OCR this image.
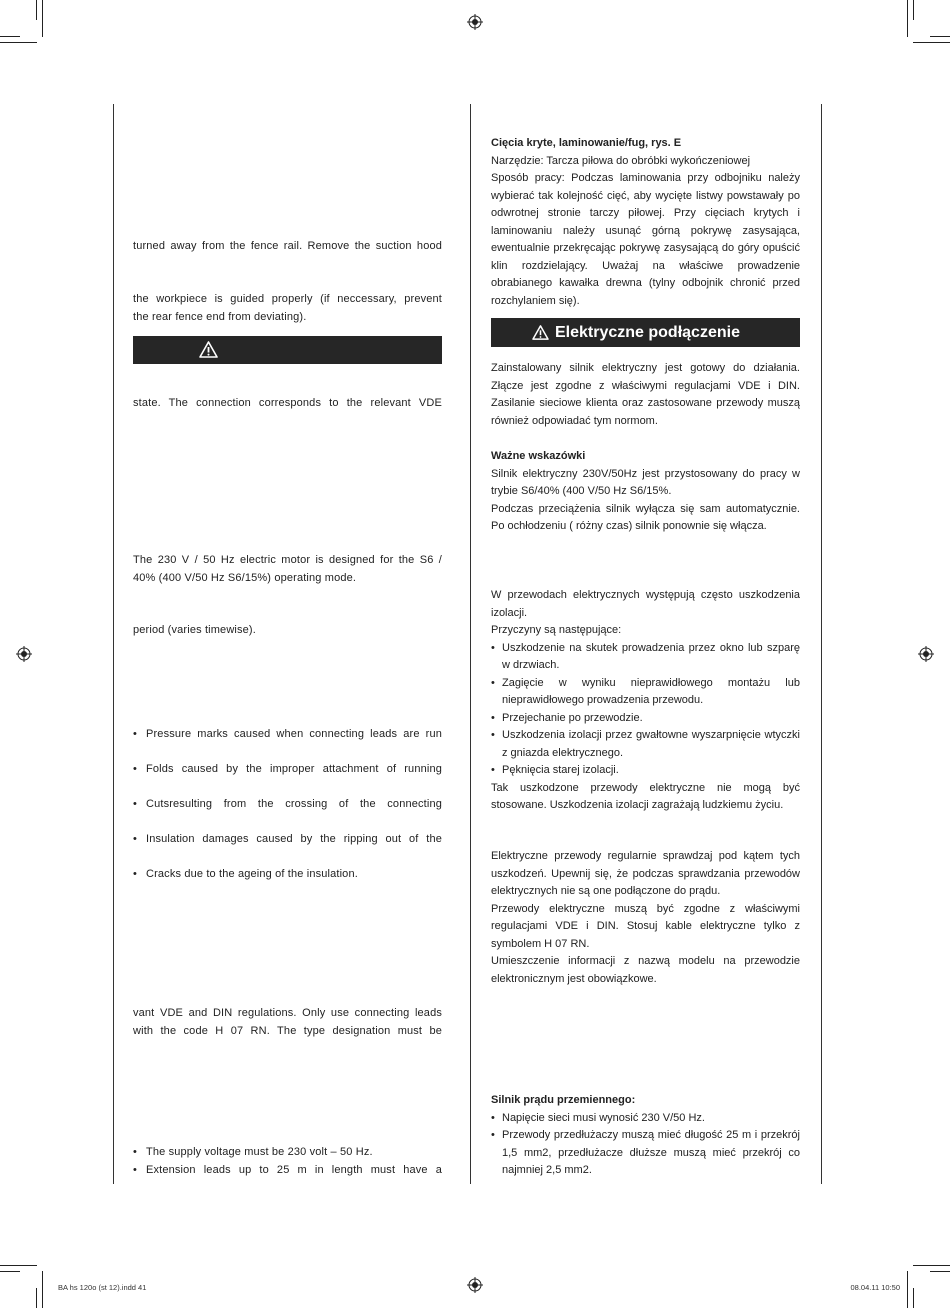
turned away from the fence rail. Remove the suction hood
the workpiece is guided properly (if neccessary, prevent
the rear fence end from deviating).
state. The connection corresponds to the relevant VDE
The 230 V / 50 Hz electric motor is designed for the S6 /
40% (400 V/50 Hz S6/15%) operating mode.
period (varies timewise).
• Pressure marks caused when connecting leads are run
• Folds caused by the improper attachment of running
• Cutsresulting from the crossing of the connecting
• Insulation damages caused by the ripping out of the
• Cracks due to the ageing of the insulation.
vant VDE and DIN regulations. Only use connecting leads
with the code H 07 RN. The type designation must be
• The supply voltage must be 230 volt – 50 Hz.
• Extension leads up to 25 m in length must have a

Cięcia kryte, laminowanie/fug, rys. E

Narzędzie: Tarcza piłowa do obróbki wykończeniowej

Sposób pracy: Podczas laminowania przy odbojniku należy wybierać tak kolejność cięć, aby wycięte listwy powstawały po odwrotnej stronie tarczy piłowej. Przy cięciach krytych i laminowaniu należy usunąć górną pokrywę zasysająca, ewentualnie przekręcając pokrywę zasysającą do góry opuścić klin rozdzielający. Uważaj na właściwe prowadzenie obrabianego kawałka drewna (tylny odbojnik chronić przed rozchylaniem się).

Elektryczne podłączenie

Zainstalowany silnik elektryczny jest gotowy do działania. Złącze jest zgodne z właściwymi regulacjami VDE i DIN. Zasilanie sieciowe klienta oraz zastosowane przewody muszą również odpowiadać tym normom.

Ważne wskazówki

Silnik elektryczny 230V/50Hz jest przystosowany do pracy w trybie S6/40% (400 V/50 Hz S6/15%.

Podczas przeciążenia silnik wyłącza się sam automatycznie. Po ochłodzeniu ( różny czas) silnik ponownie się włącza.

W przewodach elektrycznych występują często uszkodzenia izolacji.

Przyczyny są następujące:

• Uszkodzenie na skutek prowadzenia przez okno lub szparę w drzwiach.
• Zagięcie w wyniku nieprawidłowego montażu lub nieprawidłowego prowadzenia przewodu.
• Przejechanie po przewodzie.
• Uszkodzenia izolacji przez gwałtowne wyszarpnięcie wtyczki z gniazda elektrycznego.
• Pęknięcia starej izolacji.

Tak uszkodzone przewody elektryczne nie mogą być stosowane. Uszkodzenia izolacji zagrażają ludzkiemu życiu.

Elektryczne przewody regularnie sprawdzaj pod kątem tych uszkodzeń. Upewnij się, że podczas sprawdzania przewodów elektrycznych nie są one podłączone do prądu.

Przewody elektryczne muszą być zgodne z właściwymi regulacjami VDE i DIN. Stosuj kable elektryczne tylko z symbolem H 07 RN.

Umieszczenie informacji z nazwą modelu na przewodzie elektronicznym jest obowiązkowe.

Silnik prądu przemiennego:

• Napięcie sieci musi wynosić 230 V/50 Hz.
• Przewody przedłużaczy muszą mieć długość 25 m i przekrój 1,5 mm2, przedłużacze dłuższe muszą mieć przekrój co najmniej 2,5 mm2.
BA hs 120o (st 12).indd 41	08.04.11 10:50
